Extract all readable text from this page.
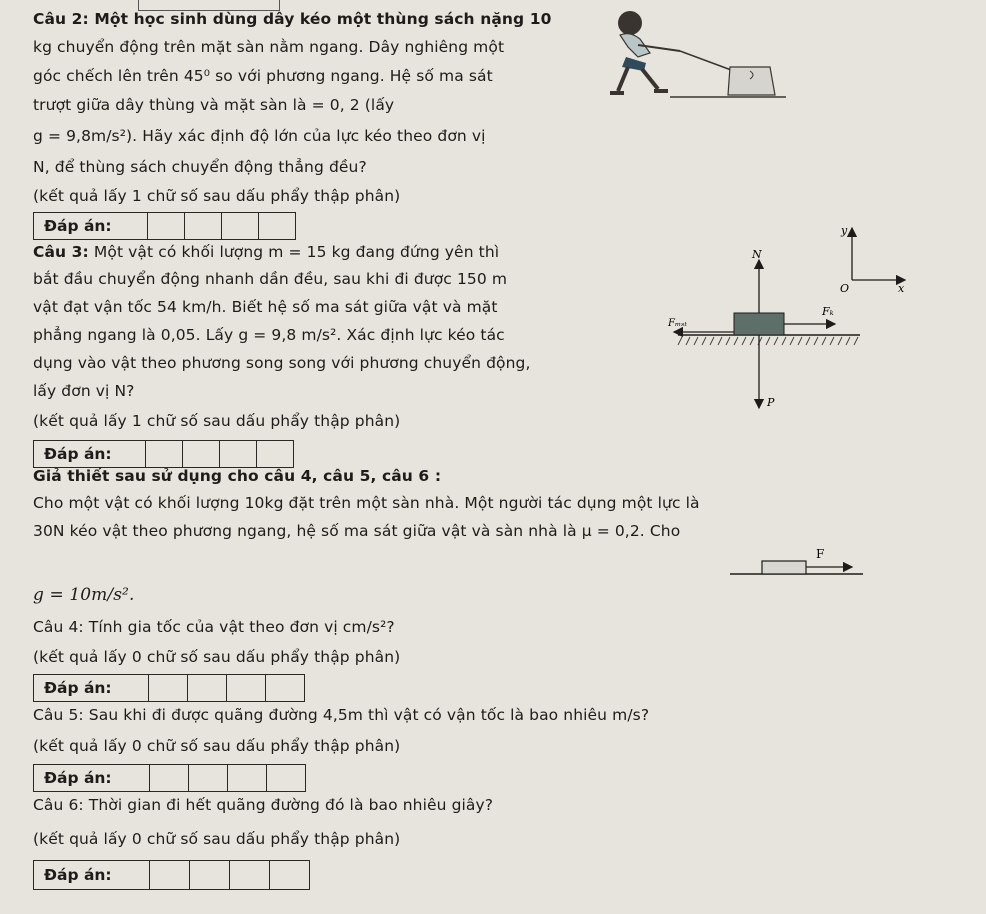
Câu 2: Một học sinh dùng dây kéo một thùng sách nặng 10
kg chuyển động trên mặt sàn nằm ngang. Dây nghiêng một
góc chếch lên trên 45⁰ so với phương ngang. Hệ số ma sát
trượt giữa dây thùng và mặt sàn là = 0, 2 (lấy
g = 9,8m/s²). Hãy xác định độ lớn của lực kéo theo đơn vị
N, để thùng sách chuyển động thẳng đều?
(kết quả lấy 1 chữ số sau dấu phẩy thập phân)
Đáp án:
Câu 3: Một vật có khối lượng m = 15 kg đang đứng yên thì
bắt đầu chuyển động nhanh dần đều, sau khi đi được 150 m
vật đạt vận tốc 54 km/h. Biết hệ số ma sát giữa vật và mặt
phẳng ngang là 0,05. Lấy g = 9,8 m/s². Xác định lực kéo tác
dụng vào vật theo phương song song với phương chuyển động,
lấy đơn vị N?
(kết quả lấy 1 chữ số sau dấu phẩy thập phân)
Đáp án:
y
x
O
N
Fₖ
Fₘₛₜ
P
Giả thiết sau sử dụng cho câu 4, câu 5, câu 6 :
Cho một vật có khối lượng 10kg đặt trên một sàn nhà. Một người tác dụng một lực là
30N kéo vật theo phương ngang, hệ số ma sát giữa vật và sàn nhà là μ = 0,2. Cho
g = 10m/s².
F
Câu 4: Tính gia tốc của vật theo đơn vị cm/s²?
(kết quả lấy 0 chữ số sau dấu phẩy thập phân)
Đáp án:
Câu 5: Sau khi đi được quãng đường 4,5m thì vật có vận tốc là bao nhiêu m/s?
(kết quả lấy 0 chữ số sau dấu phẩy thập phân)
Đáp án:
Câu 6: Thời gian đi hết quãng đường đó là bao nhiêu giây?
(kết quả lấy 0 chữ số sau dấu phẩy thập phân)
Đáp án:
